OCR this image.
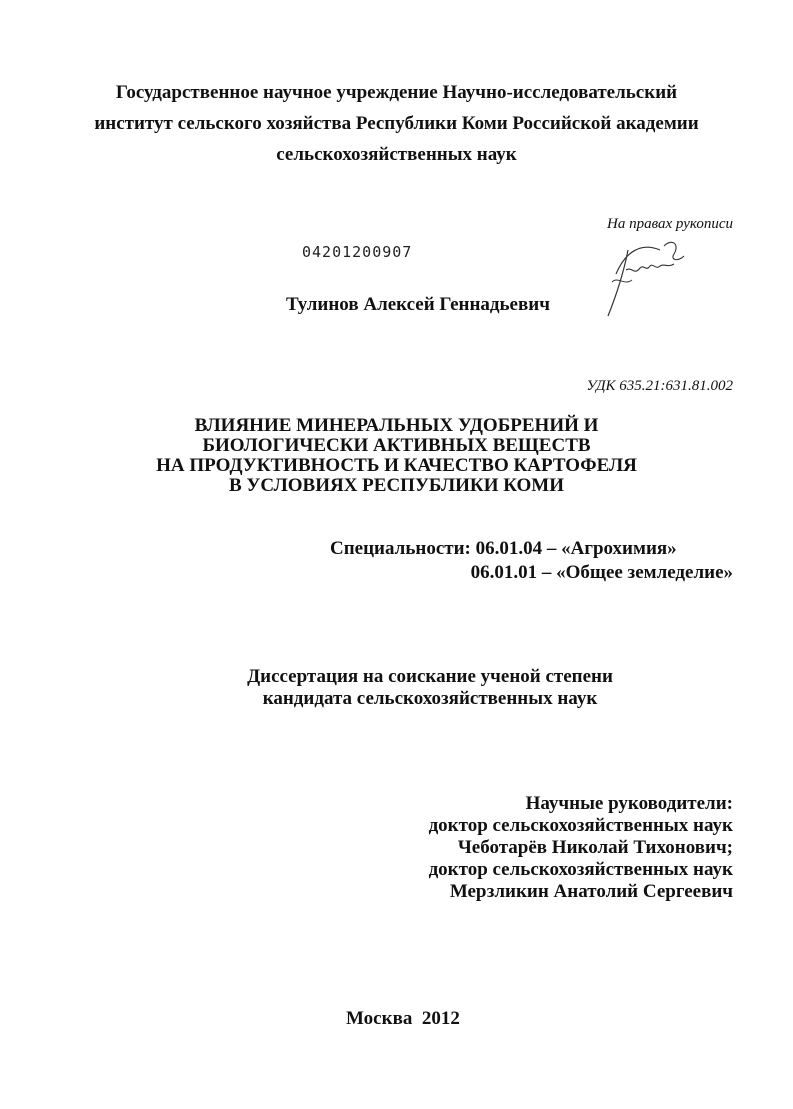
Государственное научное учреждение Научно-исследовательский
институт сельского хозяйства Республики Коми Российской академии
сельскохозяйственных наук
На правах рукописи
04201200907
Тулинов Алексей Геннадьевич
УДК 635.21:631.81.002
ВЛИЯНИЕ МИНЕРАЛЬНЫХ УДОБРЕНИЙ И
БИОЛОГИЧЕСКИ АКТИВНЫХ ВЕЩЕСТВ
НА ПРОДУКТИВНОСТЬ И КАЧЕСТВО КАРТОФЕЛЯ
В УСЛОВИЯХ РЕСПУБЛИКИ КОМИ
Специальности: 06.01.04 – «Агрохимия»
06.01.01 – «Общее земледелие»
Диссертация на соискание ученой степени
кандидата сельскохозяйственных наук
Научные руководители:
доктор сельскохозяйственных наук
Чеботарёв Николай Тихонович;
доктор сельскохозяйственных наук
Мерзликин Анатолий Сергеевич
Москва  2012
